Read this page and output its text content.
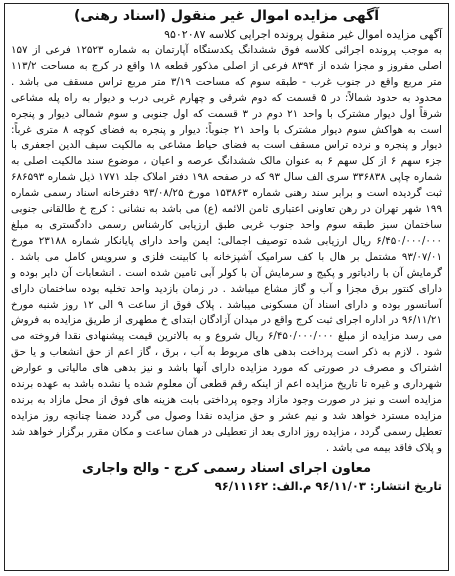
آگهی مزایده اموال غیر منقول (اسناد رهنی)
آگهی مزایده اموال غیر منقول پرونده اجرایی کلاسه ۹۵۰۲۰۸۷
به موجب پرونده اجرائی کلاسه فوق ششدانگ یکدستگاه آپارتمان به شماره ۱۲۵۲۳ فرعی از ۱۵۷ اصلی مفروز و مجزا شده از ۸۳۹۴ فرعی از اصلی مذکور قطعه ۱۸ واقع در کرج به مساحت ۱۱۳/۲ متر مربع واقع در جنوب غرب - طبقه سوم که مساحت ۳/۱۹ متر مربع تراس مسقف می باشد . محدود به حدود شمالاً: در ۵ قسمت که دوم شرقی و چهارم غربی درب و دیوار به راه پله مشاعی شرقاً اول دیوار مشترک با واحد ۲۱ دوم در ۳ قسمت که اول جنوبی و سوم شمالی دیوار و پنجره است به هواکش سوم دیوار مشترک با واحد ۲۱ جنوباً: دیوار و پنجره به فضای کوچه ۸ متری غرباً: دیوار و پنجره و نرده تراس مسقف است به فضای حیاط مشاعی به مالکیت سیف الدین اجعفری با جزء سهم ۶ از کل سهم ۶ به عنوان مالک ششدانگ عرصه و اعیان ، موضوع سند مالکیت اصلی به شماره چاپی ۳۳۶۸۳۸ سری الف سال ۹۳ که در صفحه ۱۹۸ دفتر املاک جلد ۱۷۷۱ ذیل شماره ۶۸۶۵۹۳ ثبت گردیده است و برابر سند رهنی شماره ۱۵۳۸۶۳ مورخ ۹۳/۰۸/۲۵ دفترخانه اسناد رسمی شماره ۱۹۹ شهر تهران در رهن تعاونی اعتباری ثامن الائمه (ع) می باشد به نشانی : کرج خ طالقانی جنوبی ساختمان سبز طبقه سوم واحد جنوب غربی طبق ارزیابی کارشناس رسمی دادگستری به مبلغ ۶/۴۵۰/۰۰۰/۰۰۰ ریال ارزیابی شده توصیف اجمالی: ایمن واحد دارای پایانکار شماره ۲۳۱۸۸ مورخ ۹۳/۰۷/۰۱ مشتمل بر هال با کف سرامیک آشپزخانه با کابینت فلزی و سرویس کامل می باشد . گرمایش آن با رادیاتور و پکیج و سرمایش آن با کولر آبی تامین شده است . انشعابات آن دایر بوده و دارای کنتور برق مجزا و آب و گاز مشاع میباشد . در زمان بازدید واحد تخلیه بوده ساختمان دارای آسانسور بوده و دارای اسناد آن مسکونی میباشد . پلاک فوق از ساعت ۹ الی ۱۲ روز شنبه مورخ ۹۶/۱۱/۲۱ در اداره اجرای ثبت کرج واقع در میدان آزادگان ابتدای خ مطهری از طریق مزایده به فروش می رسد مزایده از مبلغ ۶/۴۵۰/۰۰۰/۰۰۰ ریال شروع و به بالاترین قیمت پیشنهادی نقدا فروخته می شود . لازم به ذکر است پرداخت بدهی های مربوط به آب ، برق ، گاز اعم از حق انشعاب و یا حق اشتراک و مصرف در صورتی که مورد مزایده دارای آنها باشد و نیز بدهی های مالیاتی و عوارض شهرداری و غیره تا تاریخ مزایده اعم از اینکه رقم قطعی آن معلوم شده یا نشده باشد به عهده برنده مزایده است و نیز در صورت وجود مازاد وجوه پرداختی بابت هزینه های فوق از محل مازاد به برنده مزایده مسترد خواهد شد و نیم عشر و حق مزایده نقدا وصول می گردد ضمنا چنانچه روز مزایده تعطیل رسمی گردد ، مزایده روز اداری بعد از تعطیلی در همان ساعت و مکان مقرر برگزار خواهد شد و پلاک فاقد بیمه می باشد .
معاون اجرای اسناد رسمی کرج - والح واجاری
تاریخ انتشار: ۹۶/۱۱/۰۳ م.الف: ۹۶/۱۱۱۶۲
